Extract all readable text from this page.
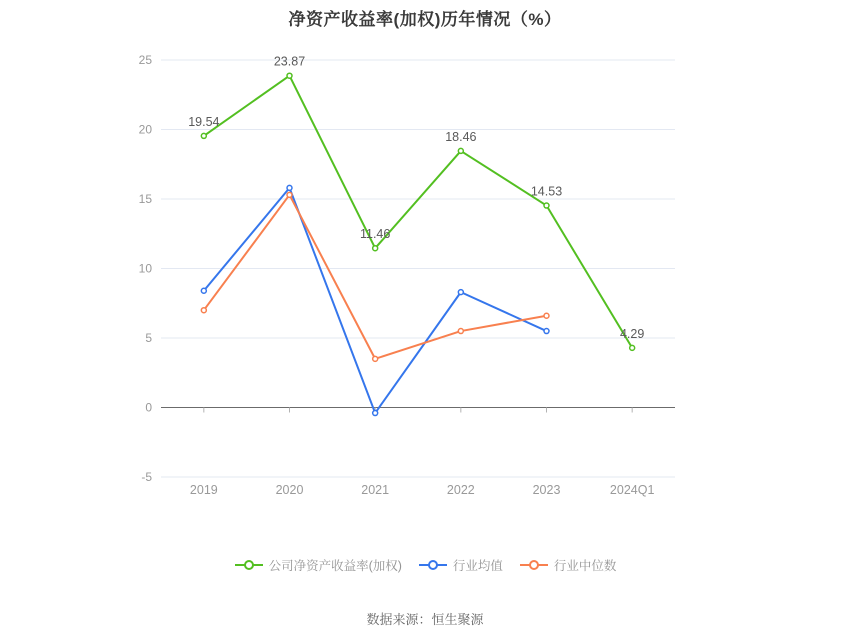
净资产收益率(加权)历年情况（%）
25
20
15
10
5
0
-5
2019	2020	2021	2022	2023	2024Q1
19.54
23.87
11.46
18.46
14.53
4.29
公司净资产收益率(加权)	行业均值	行业中位数
数据来源：恒生聚源
